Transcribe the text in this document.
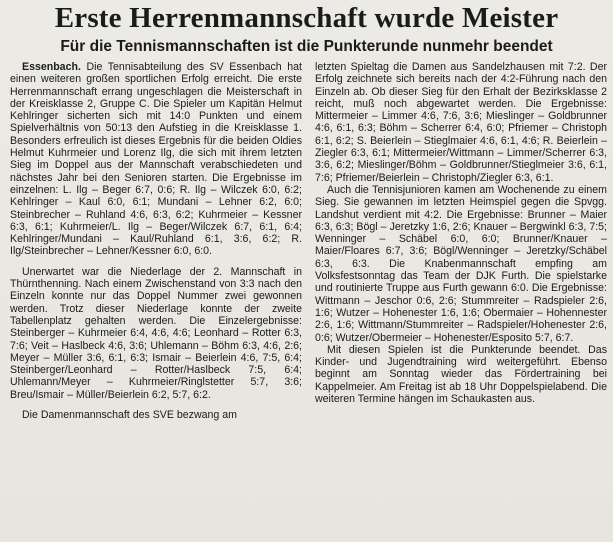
Erste Herrenmannschaft wurde Meister
Für die Tennismannschaften ist die Punkterunde nunmehr beendet

Essenbach. Die Tennisabteilung des SV Essenbach hat einen weiteren großen sportlichen Erfolg erreicht. Die erste Herrenmannschaft errang ungeschlagen die Meisterschaft in der Kreisklasse 2, Gruppe C. Die Spieler um Kapitän Helmut Kehlringer sicherten sich mit 14:0 Punkten und einem Spielverhältnis von 50:13 den Aufstieg in die Kreisklasse 1. Besonders erfreulich ist dieses Ergebnis für die beiden Oldies Helmut Kuhrmeier und Lorenz Ilg, die sich mit ihrem letzten Sieg im Doppel aus der Mannschaft verabschiedeten und nächstes Jahr bei den Senioren starten. Die Ergebnisse im einzelnen: L. Ilg – Beger 6:7, 0:6; R. Ilg – Wilczek 6:0, 6:2; Kehlringer – Kaul 6:0, 6:1; Mundani – Lehner 6:2, 6:0; Steinbrecher – Ruhland 4:6, 6:3, 6:2; Kuhrmeier – Kessner 6:3, 6:1; Kuhrmeier/L. Ilg – Beger/Wilczek 6:7, 6:1, 6:4; Kehlringer/Mundani – Kaul/Ruhland 6:1, 3:6, 6:2; R. Ilg/Steinbrecher – Lehner/Kessner 6:0, 6:0.

Unerwartet war die Niederlage der 2. Mannschaft in Thürnthenning. Nach einem Zwischenstand von 3:3 nach den Einzeln konnte nur das Doppel Nummer zwei gewonnen werden. Trotz dieser Niederlage konnte der zweite Tabellenplatz gehalten werden. Die Einzelergebnisse: Steinberger – Kuhrmeier 6:4, 4:6, 4:6; Leonhard – Rotter 6:3, 7:6; Veit – Haslbeck 4:6, 3:6; Uhlemann – Böhm 6:3, 4:6, 2:6; Meyer – Müller 3:6, 6:1, 6:3; Ismair – Beierlein 4:6, 7:5, 6:4; Steinberger/Leonhard – Rotter/Haslbeck 7:5, 6:4; Uhlemann/Meyer – Kuhrmeier/Ringlstetter 5:7, 3:6; Breu/Ismair – Müller/Beierlein 6:2, 5:7, 6:2.

Die Damenmannschaft des SVE bezwang am

letzten Spieltag die Damen aus Sandelzhausen mit 7:2. Der Erfolg zeichnete sich bereits nach der 4:2-Führung nach den Einzeln ab. Ob dieser Sieg für den Erhalt der Bezirksklasse 2 reicht, muß noch abgewartet werden. Die Ergebnisse: Mittermeier – Limmer 4:6, 7:6, 3:6; Mieslinger – Goldbrunner 4:6, 6:1, 6:3; Böhm – Scherrer 6:4, 6:0; Pfriemer – Christoph 6:1, 6:2; S. Beierlein – Stieglmaier 4:6, 6:1, 4:6; R. Beierlein – Ziegler 6:3, 6:1; Mittermeier/Wittmann – Limmer/Scherrer 6:3, 3:6, 6:2; Mieslinger/Böhm – Goldbrunner/Stieglmeier 3:6, 6:1, 7:6; Pfriemer/Beierlein – Christoph/Ziegler 6:3, 6:1.

Auch die Tennisjunioren kamen am Wochenende zu einem Sieg. Sie gewannen im letzten Heimspiel gegen die Spvgg. Landshut verdient mit 4:2. Die Ergebnisse: Brunner – Maier 6:3, 6:3; Bögl – Jeretzky 1:6, 2:6; Knauer – Bergwinkl 6:3, 7:5; Wenninger – Schäbel 6:0, 6:0; Brunner/Knauer – Maier/Floares 6:7, 3:6; Bögl/Wenninger – Jeretzky/Schäbel 6:3, 6:3. Die Knabenmannschaft empfing am Volksfestsonntag das Team der DJK Furth. Die spielstarke und routinierte Truppe aus Furth gewann 6:0. Die Ergebnisse: Wittmann – Jeschor 0:6, 2:6; Stummreiter – Radspieler 2:6, 1:6; Wutzer – Hohenester 1:6, 1:6; Obermaier – Hohennester 2:6, 1:6; Wittmann/Stummreiter – Radspieler/Hohenester 2:6, 0:6; Wutzer/Obermeier – Hohenester/Esposito 5:7, 6:7.

Mit diesen Spielen ist die Punkterunde beendet. Das Kinder- und Jugendtraining wird weitergeführt. Ebenso beginnt am Sonntag wieder das Fördertraining bei Kappelmeier. Am Freitag ist ab 18 Uhr Doppelspielabend. Die weiteren Termine hängen im Schaukasten aus.
